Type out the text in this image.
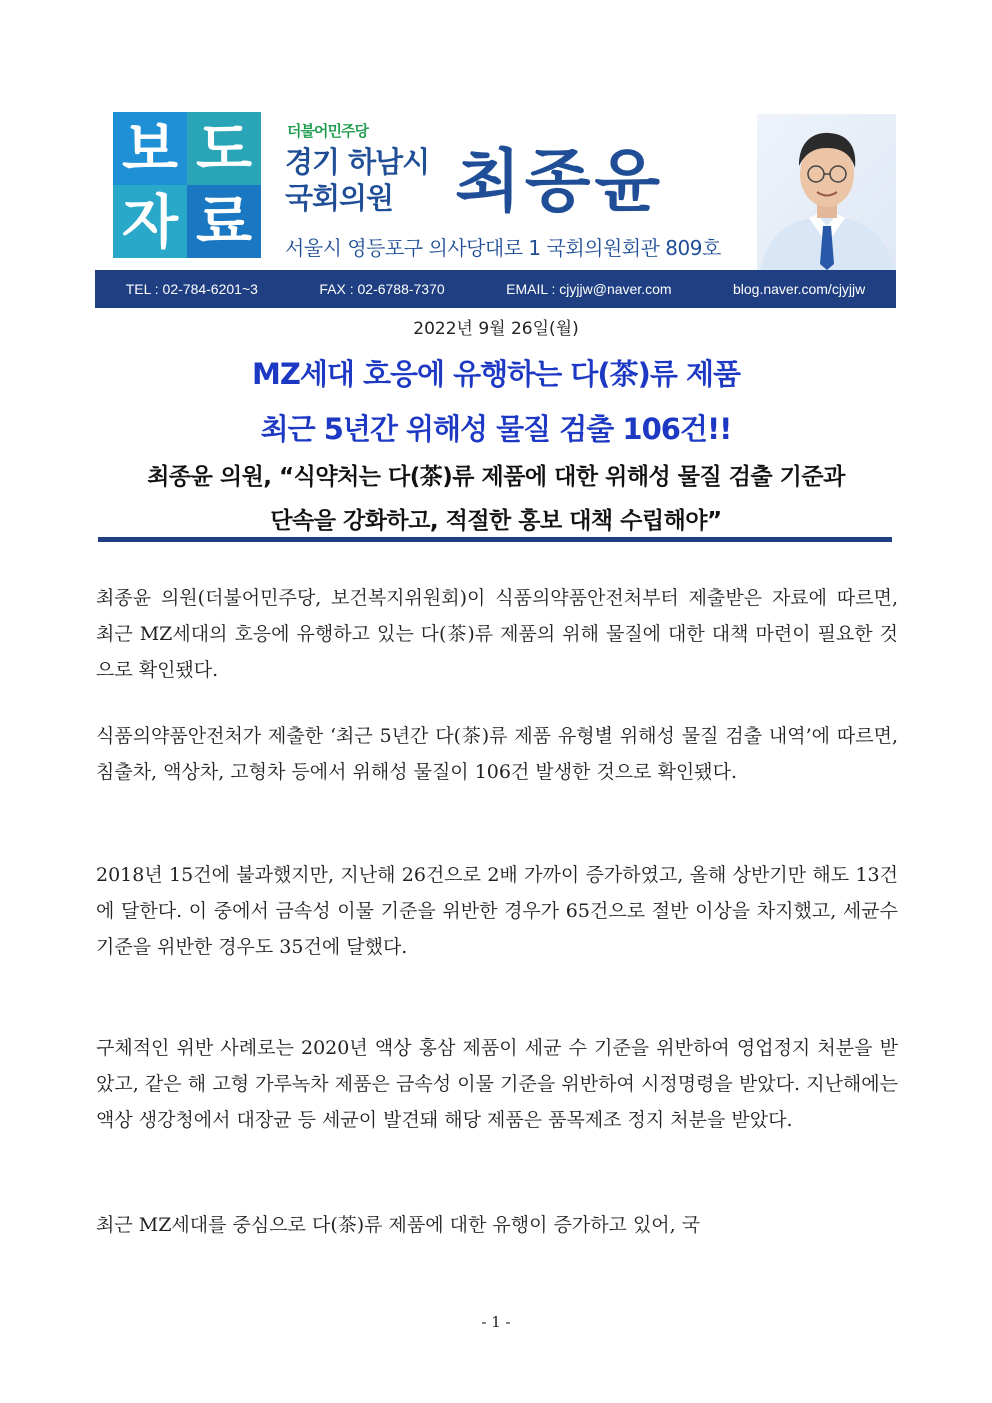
보 도
자 료
더불어민주당
경기 하남시
국회의원 최종윤
서울시 영등포구 의사당대로 1 국회의원회관 809호
TEL : 02-784-6201~3	FAX : 02-6788-7370	EMAIL : cjyjjw@naver.com	blog.naver.com/cjyjjw
2022년 9월 26일(월)
MZ세대 호응에 유행하는 다(茶)류 제품
최근 5년간 위해성 물질 검출 106건!!
최종윤 의원, “식약처는 다(茶)류 제품에 대한 위해성 물질 검출 기준과
단속을 강화하고, 적절한 홍보 대책 수립해야”
최종윤 의원(더불어민주당, 보건복지위원회)이 식품의약품안전처부터 제출받은 자료에 따르면, 최근 MZ세대의 호응에 유행하고 있는 다(茶)류 제품의 위해 물질에 대한 대책 마련이 필요한 것으로 확인됐다.
식품의약품안전처가 제출한 ‘최근 5년간 다(茶)류 제품 유형별 위해성 물질 검출 내역’에 따르면, 침출차, 액상차, 고형차 등에서 위해성 물질이 106건 발생한 것으로 확인됐다.
2018년 15건에 불과했지만, 지난해 26건으로 2배 가까이 증가하였고, 올해 상반기만 해도 13건에 달한다. 이 중에서 금속성 이물 기준을 위반한 경우가 65건으로 절반 이상을 차지했고, 세균수 기준을 위반한 경우도 35건에 달했다.
구체적인 위반 사례로는 2020년 액상 홍삼 제품이 세균 수 기준을 위반하여 영업정지 처분을 받았고, 같은 해 고형 가루녹차 제품은 금속성 이물 기준을 위반하여 시정명령을 받았다. 지난해에는 액상 생강청에서 대장균 등 세균이 발견돼 해당 제품은 품목제조 정지 처분을 받았다.
최근 MZ세대를 중심으로 다(茶)류 제품에 대한 유행이 증가하고 있어, 국
- 1 -
